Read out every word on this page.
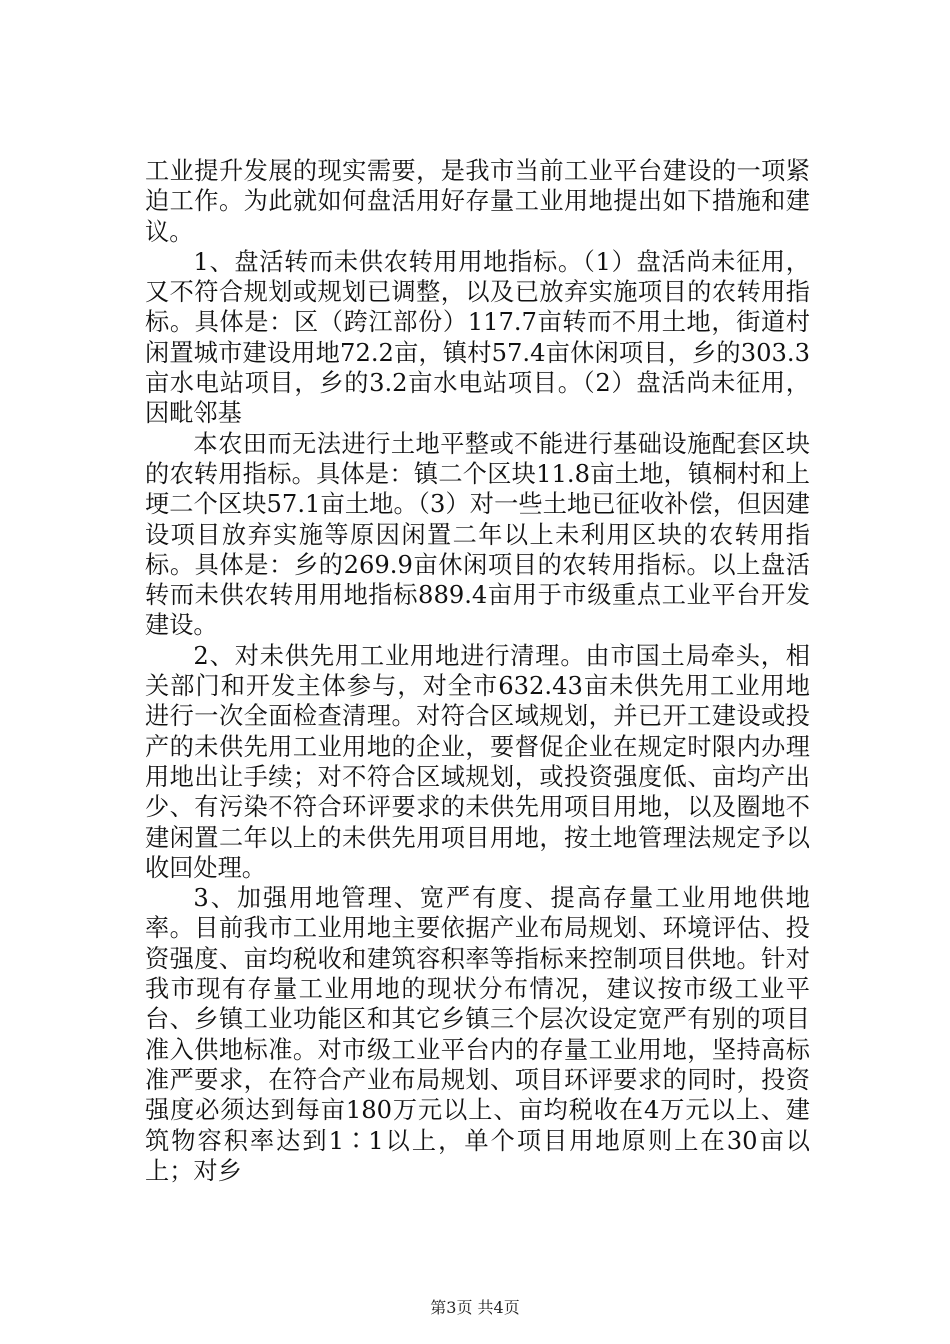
工业提升发展的现实需要，是我市当前工业平台建设的一项紧迫工作。为此就如何盘活用好存量工业用地提出如下措施和建议。

1、盘活转而未供农转用用地指标。（1）盘活尚未征用，又不符合规划或规划已调整，以及已放弃实施项目的农转用指标。具体是：区（跨江部份）117.7亩转而不用土地，街道村闲置城市建设用地72.2亩，镇村57.4亩休闲项目，乡的303.3亩水电站项目，乡的3.2亩水电站项目。（2）盘活尚未征用，因毗邻基

本农田而无法进行土地平整或不能进行基础设施配套区块的农转用指标。具体是：镇二个区块11.8亩土地，镇桐村和上埂二个区块57.1亩土地。（3）对一些土地已征收补偿，但因建设项目放弃实施等原因闲置二年以上未利用区块的农转用指标。具体是：乡的269.9亩休闲项目的农转用指标。以上盘活转而未供农转用用地指标889.4亩用于市级重点工业平台开发建设。

2、对未供先用工业用地进行清理。由市国土局牵头，相关部门和开发主体参与，对全市632.43亩未供先用工业用地进行一次全面检查清理。对符合区域规划，并已开工建设或投产的未供先用工业用地的企业，要督促企业在规定时限内办理用地出让手续；对不符合区域规划，或投资强度低、亩均产出少、有污染不符合环评要求的未供先用项目用地，以及圈地不建闲置二年以上的未供先用项目用地，按土地管理法规定予以收回处理。

3、加强用地管理、宽严有度、提高存量工业用地供地率。目前我市工业用地主要依据产业布局规划、环境评估、投资强度、亩均税收和建筑容积率等指标来控制项目供地。针对我市现有存量工业用地的现状分布情况，建议按市级工业平台、乡镇工业功能区和其它乡镇三个层次设定宽严有别的项目准入供地标准。对市级工业平台内的存量工业用地，坚持高标准严要求，在符合产业布局规划、项目环评要求的同时，投资强度必须达到每亩180万元以上、亩均税收在4万元以上、建筑物容积率达到1∶1以上，单个项目用地原则上在30亩以上；对乡

第3页 共4页
